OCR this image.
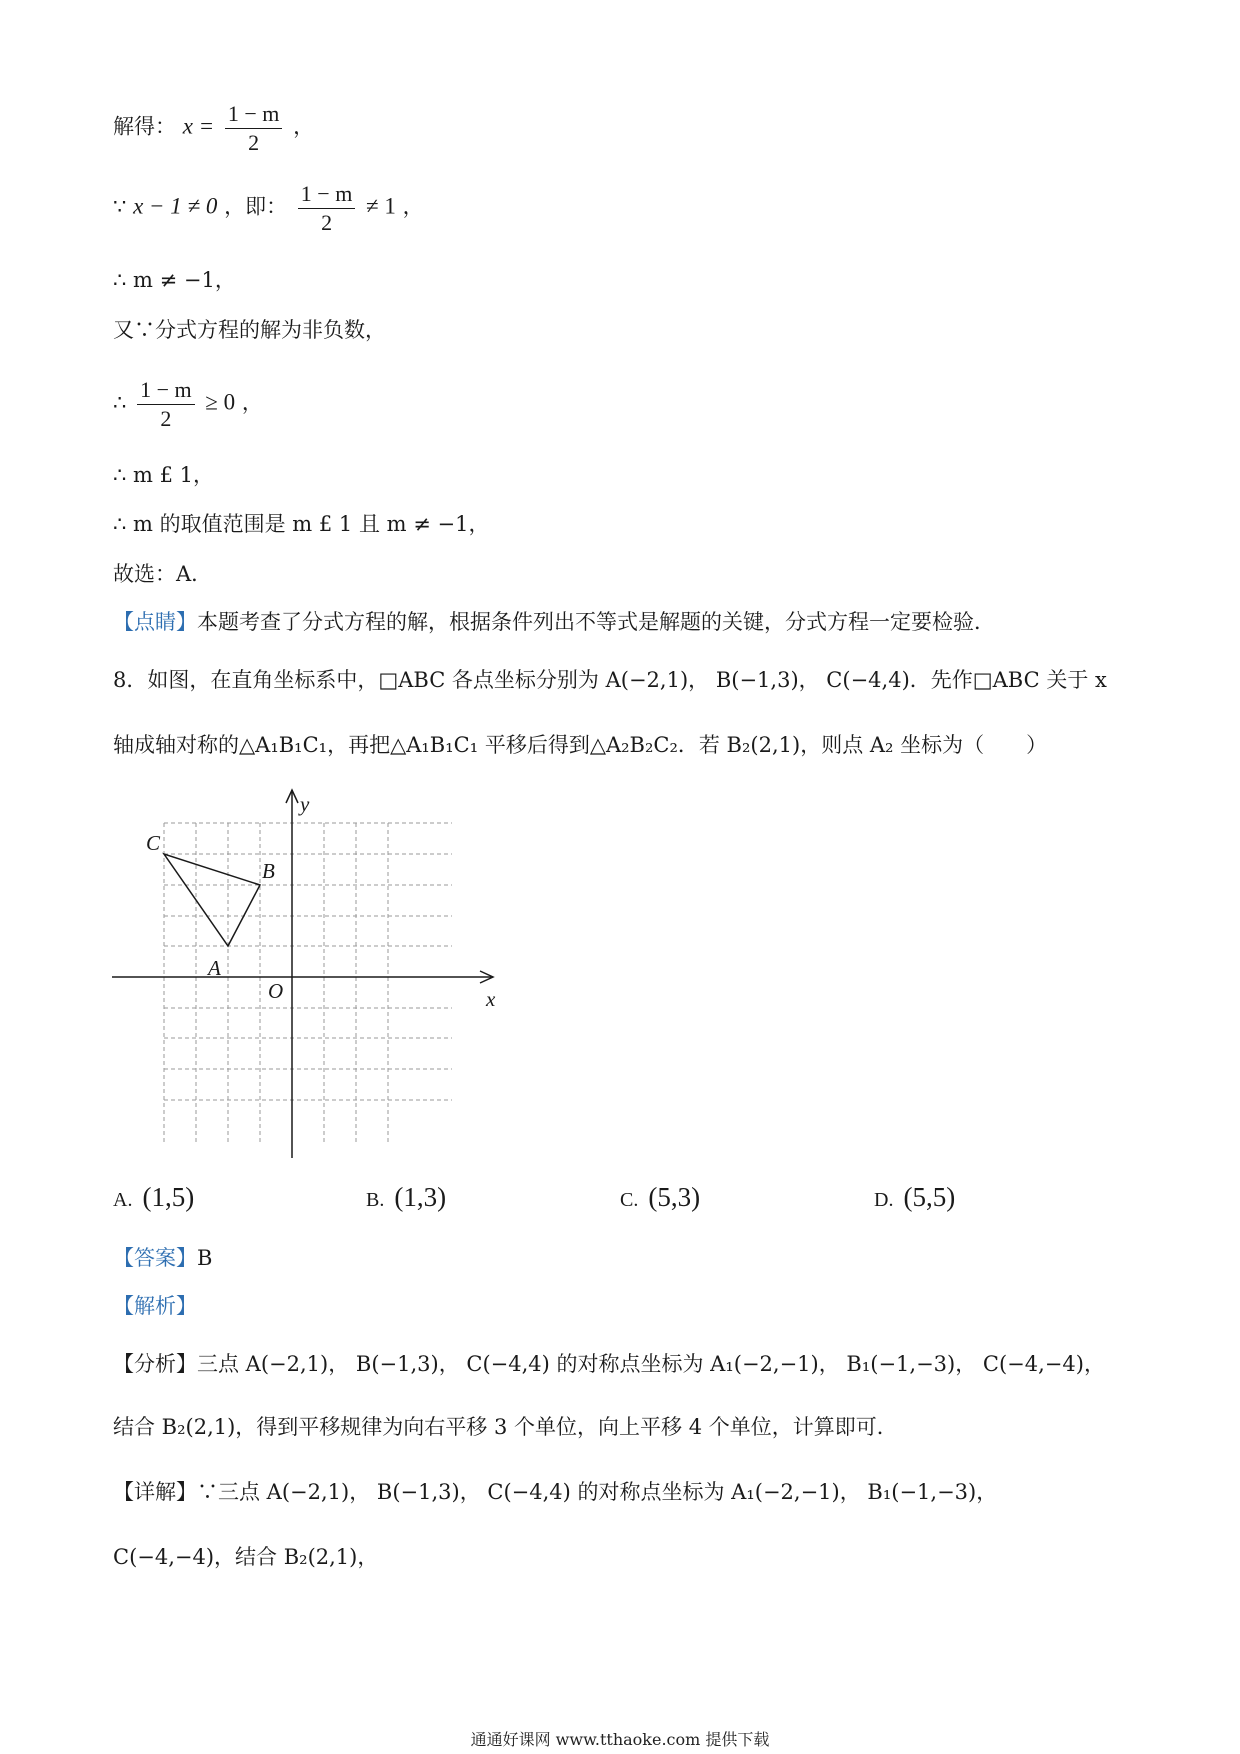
解得： $x = \frac{1 - m}{2}$ ，
∵ x − 1 ≠ 0 ，即： $\frac{1 - m}{2} \ne 1$ ，
∴ m ≠ −1，
又∵分式方程的解为非负数，
∴ $\frac{1 - m}{2} \ge 0$ ，
∴ m £ 1，
∴ m 的取值范围是 m £ 1 且 m ≠ −1，
故选：A．
【点睛】本题考查了分式方程的解，根据条件列出不等式是解题的关键，分式方程一定要检验．
8．如图，在直角坐标系中，□ABC 各点坐标分别为 A(−2,1)， B(−1,3)， C(−4,4)．先作□ABC 关于 x
轴成轴对称的△A₁B₁C₁，再把△A₁B₁C₁ 平移后得到△A₂B₂C₂．若 B₂(2,1)，则点 A₂ 坐标为（　　）
y
x
O
A
B
C
A. (1,5)	B. (1,3)	C. (5,3)	D. (5,5)
【答案】B
【解析】
【分析】三点 A(−2,1)， B(−1,3)， C(−4,4) 的对称点坐标为 A₁(−2,−1)， B₁(−1,−3)， C(−4,−4)，
结合 B₂(2,1)，得到平移规律为向右平移 3 个单位，向上平移 4 个单位，计算即可．
【详解】∵三点 A(−2,1)， B(−1,3)， C(−4,4) 的对称点坐标为 A₁(−2,−1)， B₁(−1,−3)，
C(−4,−4)，结合 B₂(2,1)，
通通好课网 www.tthaoke.com 提供下载
